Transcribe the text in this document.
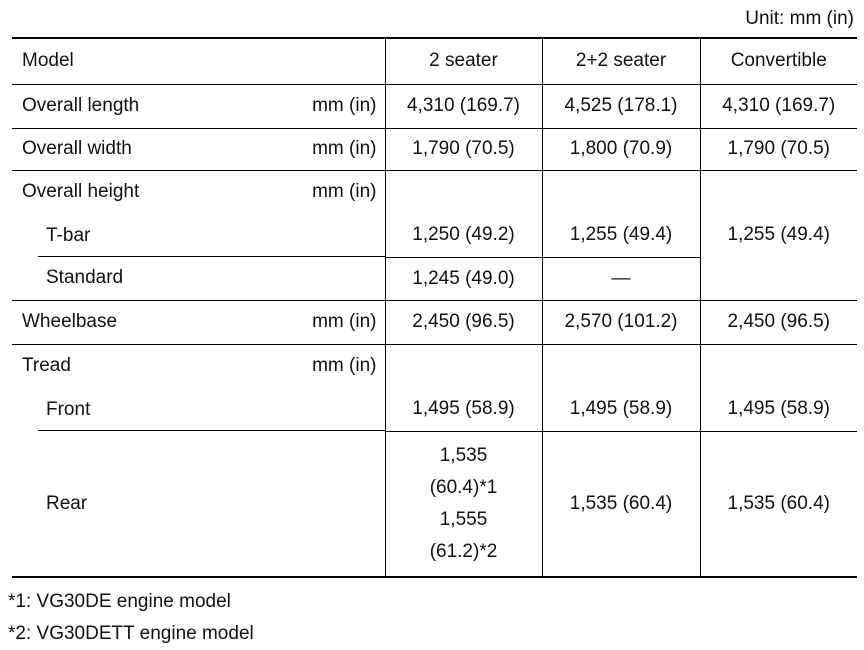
Unit: mm (in)
Model	2 seater	2+2 seater	Convertible

Overall length mm (in)	4,310 (169.7)	4,525 (178.1)	4,310 (169.7)

Overall width mm (in)	1,790 (70.5)	1,800 (70.9)	1,790 (70.5)

Overall height mm (in)			1,255 (49.4)

T-bar	1,250 (49.2)	1,255 (49.4)	

Standard	1,245 (49.0)	—	

Wheelbase mm (in)	2,450 (96.5)	2,570 (101.2)	2,450 (96.5)

Tread mm (in)			

Front	1,495 (58.9)	1,495 (58.9)	1,495 (58.9)

Rear	1,535
(60.4)*1
1,555
(61.2)*2	1,535 (60.4)	1,535 (60.4)
*1: VG30DE engine model
*2: VG30DETT engine model
